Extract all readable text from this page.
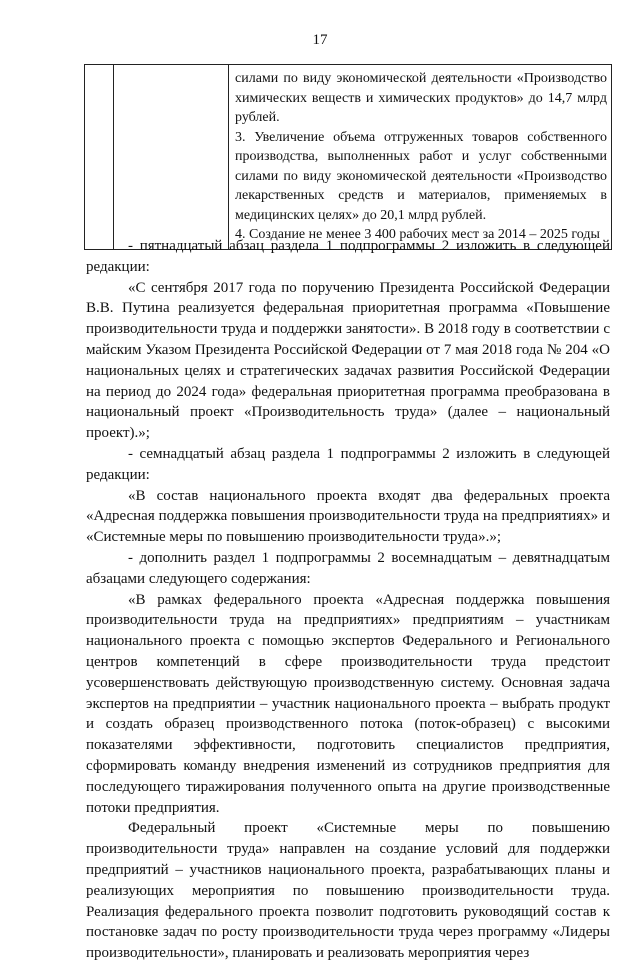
17

силами по виду экономической деятельности «Производство химических веществ и химических продуктов» до 14,7 млрд рублей.

3. Увеличение объема отгруженных товаров собственного производства, выполненных работ и услуг собственными силами по виду экономической деятельности «Производство лекарственных средств и материалов, применяемых в медицинских целях» до 20,1 млрд рублей.

4. Создание не менее 3 400 рабочих мест за 2014 – 2025 годы

- пятнадцатый абзац раздела 1 подпрограммы 2 изложить в следующей редакции:

«С сентября 2017 года по поручению Президента Российской Федерации В.В. Путина реализуется федеральная приоритетная программа «Повышение производительности труда и поддержки занятости». В 2018 году в соответствии с майским Указом Президента Российской Федерации от 7 мая 2018 года № 204 «О национальных целях и стратегических задачах развития Российской Федерации на период до 2024 года» федеральная приоритетная программа преобразована в национальный проект «Производительность труда» (далее – национальный проект).»;

- семнадцатый абзац раздела 1 подпрограммы 2 изложить в следующей редакции:

«В состав национального проекта входят два федеральных проекта «Адресная поддержка повышения производительности труда на предприятиях» и «Системные меры по повышению производительности труда».»;

- дополнить раздел 1 подпрограммы 2 восемнадцатым – девятнадцатым абзацами следующего содержания:

«В рамках федерального проекта «Адресная поддержка повышения производительности труда на предприятиях» предприятиям – участникам национального проекта с помощью экспертов Федерального и Регионального центров компетенций в сфере производительности труда предстоит усовершенствовать действующую производственную систему. Основная задача экспертов на предприятии – участник национального проекта – выбрать продукт и создать образец производственного потока (поток-образец) с высокими показателями эффективности, подготовить специалистов предприятия, сформировать команду внедрения изменений из сотрудников предприятия для последующего тиражирования полученного опыта на другие производственные потоки предприятия.

Федеральный проект «Системные меры по повышению производительности труда» направлен на создание условий для поддержки предприятий – участников национального проекта, разрабатывающих планы и реализующих мероприятия по повышению производительности труда. Реализация федерального проекта позволит подготовить руководящий состав к постановке задач по росту производительности труда через программу «Лидеры производительности», планировать и реализовать мероприятия через
